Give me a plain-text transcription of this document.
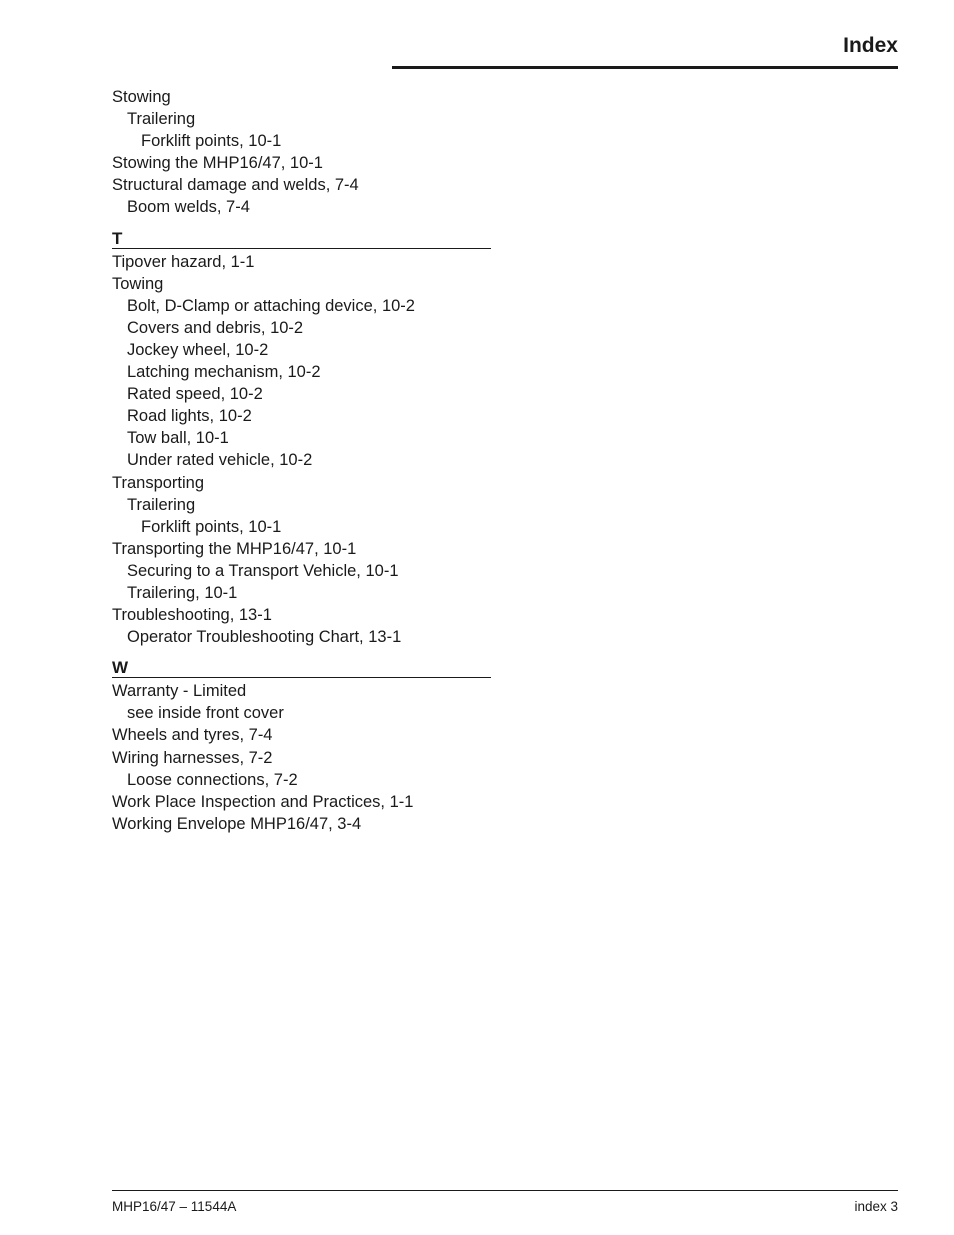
Index
Stowing
Trailering
Forklift points, 10-1
Stowing the MHP16/47, 10-1
Structural damage and welds, 7-4
Boom welds, 7-4
T
Tipover hazard, 1-1
Towing
Bolt, D-Clamp or attaching device, 10-2
Covers and debris, 10-2
Jockey wheel, 10-2
Latching mechanism, 10-2
Rated speed, 10-2
Road lights, 10-2
Tow ball, 10-1
Under rated vehicle, 10-2
Transporting
Trailering
Forklift points, 10-1
Transporting the MHP16/47, 10-1
Securing to a Transport Vehicle, 10-1
Trailering, 10-1
Troubleshooting, 13-1
Operator Troubleshooting Chart, 13-1
W
Warranty - Limited
see inside front cover
Wheels and tyres, 7-4
Wiring harnesses, 7-2
Loose connections, 7-2
Work Place Inspection and Practices, 1-1
Working Envelope MHP16/47, 3-4
MHP16/47 – 11544A	index 3
